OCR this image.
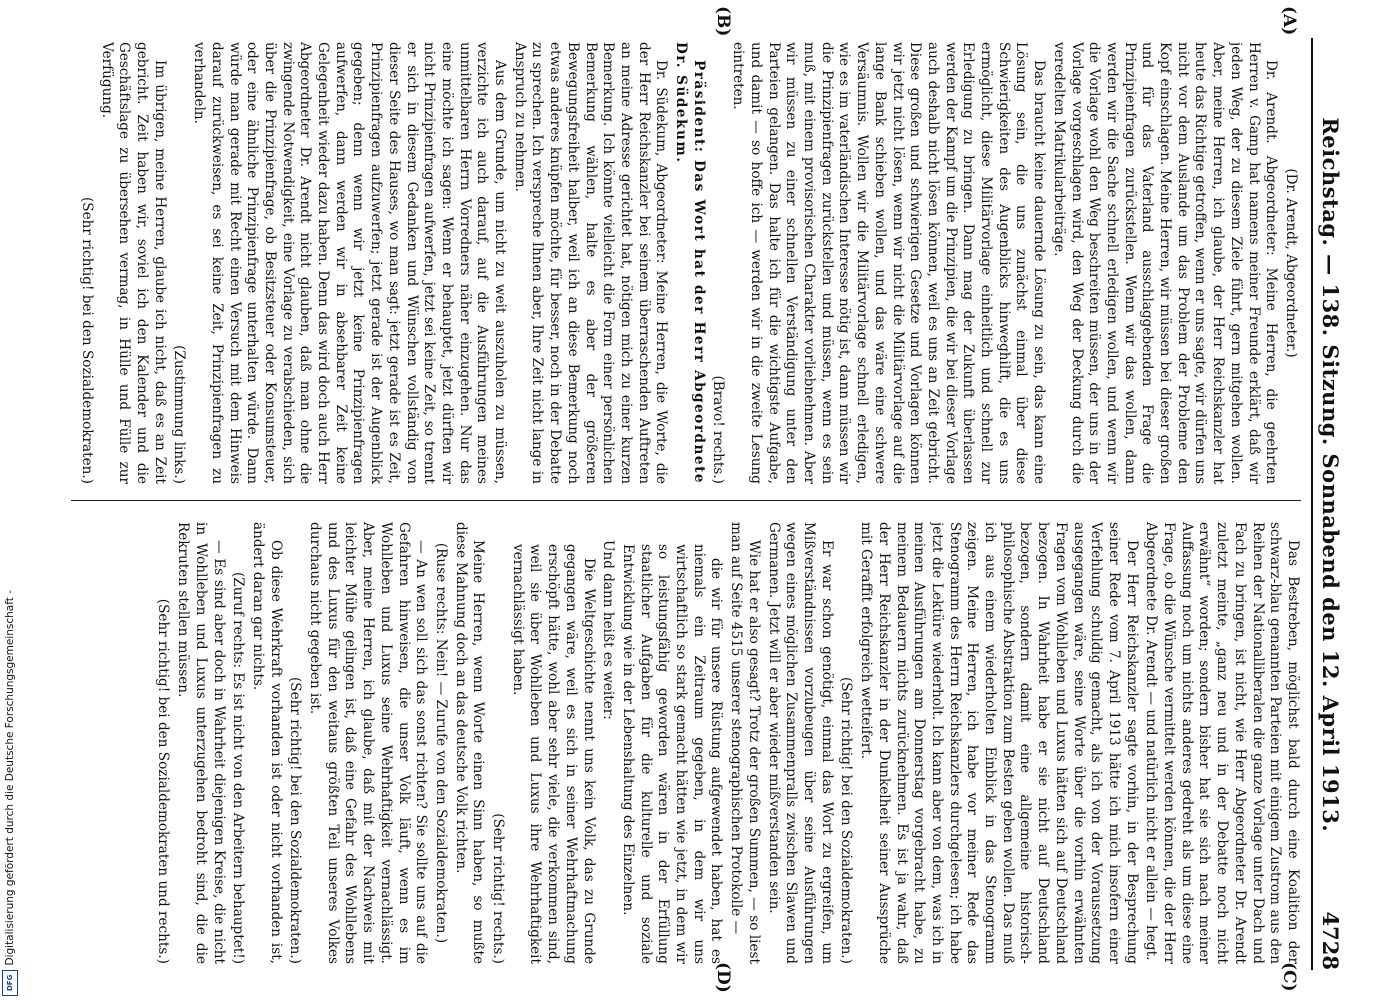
Reichstag. — 138. Sitzung. Sonnabend den 12. April 1913.
4728
(A)
(B)
(C)
(D)

(Dr. Arendt, Abgeordneter.)

Dr. Arendt. Abgeordneter: Meine Herren, die geehrten Herren v. Gamp hat namens meiner Freunde erklärt, daß wir jeden Weg, der zu diesem Ziele führt, gern mitgehen wollen. Aber, meine Herren, ich glaube, der Herr Reichskanzler hat heute das Richtige getroffen, wenn er uns sagte, wir dürfen uns nicht vor dem Auslande um das Problem der Probleme den Kopf einschlagen. Meine Herren, wir müssen bei dieser großen und für das Vaterland ausschlaggebenden Frage die Prinzipienfragen zurückstellen. Wenn wir das wollen, dann werden wir die Sache schnell erledigen wollen, und wenn wir die Vorlage wohl den Weg beschreiten müssen, der uns in der Vorlage vorgeschlagen wird, den Weg der Deckung durch die veredelten Matrikularbeiträge.

Das braucht keine dauernde Lösung zu sein, das kann eine Lösung sein, die uns zunächst einmal über diese Schwierigkeiten des Augenblicks hinweghilft, die es uns ermöglicht, diese Militärvorlage einheitlich und schnell zur Erledigung zu bringen. Dann mag der Zukunft überlassen werden der Kampf um die Prinzipien, die wir bei dieser Vorlage auch deshalb nicht lösen können, weil es uns an Zeit gebricht. Diese großen und schwierigen Gesetze und Vorlagen können wir jetzt nicht lösen, wenn wir nicht die Militärvorlage auf die lange Bank schieben wollen, und das wäre eine schwere Versäumnis. Wollen wir die Militärvorlage schnell erledigen, wie es im vaterländischen Interesse nötig ist, dann müssen wir die Prinzipienfragen zurückstellen und müssen, wenn es sein muß, mit einem provisorischen Charakter vorliebnehmen. Aber wir müssen zu einer schnellen Verständigung unter den Parteien gelangen. Das halte ich für die wichtigste Aufgabe, und damit — so hoffe ich — werden wir in die zweite Lesung eintreten.

(Bravo! rechts.)

Präsident: Das Wort hat der Herr Abgeordnete Dr. Südekum.

Dr. Südekum, Abgeordneter: Meine Herren, die Worte, die der Herr Reichskanzler bei seinem überraschenden Auftreten an meine Adresse gerichtet hat, nötigen mich zu einer kurzen Bemerkung. Ich könnte vielleicht die Form einer persönlichen Bemerkung wählen, halte es aber der größeren Bewegungsfreiheit halber, weil ich an diese Bemerkung noch etwas anderes knüpfen möchte, für besser, noch in der Debatte zu sprechen. Ich verspreche Ihnen aber, Ihre Zeit nicht lange in Anspruch zu nehmen.

Aus dem Grunde, um nicht zu weit auszuholen zu müssen, verzichte ich auch darauf, auf die Ausführungen meines unmittelbaren Herrn Vorredners näher einzugehen. Nur das eine möchte ich sagen: Wenn er behauptet, jetzt dürften wir nicht Prinzipienfragen aufwerfen, jetzt sei keine Zeit, so trennt er sich in diesem Gedanken und Wünschen vollständig von dieser Seite des Hauses, wo man sagt: jetzt gerade ist es Zeit, Prinzipienfragen aufzuwerfen; jetzt gerade ist der Augenblick gegeben; denn wenn wir jetzt keine Prinzipienfragen aufwerfen, dann werden wir in absehbarer Zeit keine Gelegenheit wieder dazu haben. Denn das wird doch auch Herr Abgeordneter Dr. Arendt nicht glauben, daß man ohne die zwingende Notwendigkeit, eine Vorlage zu verabschieden, sich über die Prinzipienfrage, ob Besitzsteuer oder Konsumsteuer, oder eine ähnliche Prinzipienfrage unterhalten würde. Dann würde man gerade mit Recht einen Versuch mit dem Hinweis darauf zurückweisen, es sei keine Zeit, Prinzipienfragen zu verhandeln.

(Zustimmung links.)

Im übrigen, meine Herren, glaube ich nicht, daß es an Zeit gebricht. Zeit haben wir, soviel ich den Kalender und die Geschäftslage zu übersehen vermag, in Hülle und Fülle zur Verfügung.

(Sehr richtig! bei den Sozialdemokraten.)

Das Bestreben, möglichst bald durch eine Koalition der schwarz-blau genannten Parteien mit einigem Zustrom aus den Reihen der Nationalliberalen die ganze Vorlage unter Dach und Fach zu bringen, ist nicht, wie Herr Abgeordneter Dr. Arendt zuletzt meinte, „ganz neu und in der Debatte noch nicht erwähnt“ worden; sondern bisher hat sie sich nach meiner Auffassung noch um nichts anderes gedreht als um diese eine Frage, ob die Wünsche vermittelt werden können, die der Herr Abgeordnete Dr. Arendt — und natürlich nicht er allein — hegt.

Der Herr Reichskanzler sagte vorhin, in der Besprechung seiner Rede vom 7. April 1913 hätte ich mich insofern einer Verfehlung schuldig gemacht, als ich von der Voraussetzung ausgegangen wäre, seine Worte über die vorhin erwähnten Fragen vom Wohlleben und Luxus hätten sich auf Deutschland bezogen. In Wahrheit habe er sie nicht auf Deutschland bezogen, sondern damit eine allgemeine historisch-philosophische Abstraktion zum Besten geben wollen. Das muß ich aus einem wiederholten Einblick in das Stenogramm zeigen. Meine Herren, ich habe vor meiner Rede das Stenogramm des Herrn Reichskanzlers durchgelesen; ich habe jetzt die Lektüre wiederholt. Ich kann aber von dem, was ich in meinen Ausführungen am Donnerstag vorgebracht habe, zu meinem Bedauern nichts zurücknehmen. Es ist ja wahr, daß der Herr Reichskanzler in der Dunkelheit seiner Aussprüche mit Geraffit erfolgreich wetteifert.

(Sehr richtig! bei den Sozialdemokraten.)

Er war schon genötigt, einmal das Wort zu ergreifen, um Mißverständnissen vorzubeugen über seine Ausführungen wegen eines möglichen Zusammenpralls zwischen Slawen und Germanen. Jetzt will er aber wieder mißverstanden sein.

Wie hat er also gesagt? Trotz der großen Summen, — so liest man auf Seite 4515 unserer stenographischen Protokolle —

die wir für unsere Rüstung aufgewendet haben, hat es niemals ein Zeitraum gegeben, in dem wir uns wirtschaftlich so stark gemacht hätten wie jetzt, in dem wir so leistungsfähig geworden wären in der Erfüllung staatlicher Aufgaben für die kulturelle und soziale Entwicklung wie in der Lebenshaltung des Einzelnen.

Und dann heißt es weiter:

Die Weltgeschichte nennt uns kein Volk, das zu Grunde gegangen wäre, weil es sich in seiner Wehrhaftmachung erschöpft hätte, wohl aber sehr viele, die verkommen sind, weil sie über Wohlleben und Luxus ihre Wehrhaftigkeit vernachlässigt haben.

(Sehr richtig! rechts.)

Meine Herren, wenn Worte einen Sinn haben, so mußte diese Mahnung doch an das deutsche Volk richten.

(Ruse rechts: Nein! — Zurufe von den Sozialdemokraten.)

— An wen soll sich das sonst richten? Sie sollte uns auf die Gefahren hinweisen, die unser Volk läuft, wenn es im Wohlleben und Luxus seine Wehrhaftigkeit vernachlässigt. Aber, meine Herren, ich glaube, daß mit der Nachweis mit leichter Mühe gelingen ist, daß eine Gefahr des Wohllebens und des Luxus für den weitaus größten Teil unseres Volkes durchaus nicht gegeben ist.

(Sehr richtig! bei den Sozialdemokraten.)

Ob diese Wehrkraft vorhanden ist oder nicht vorhanden ist, ändert daran gar nichts.

(Zuruf rechts: Es ist nicht von den Arbeitern behauptet!)

— Es sind aber doch in Wahrheit diejenigen Kreise, die nicht in Wohlleben und Luxus unterzugehen bedroht sind, die die Rekruten stellen müssen.

(Sehr richtig! bei den Sozialdemokraten und rechts.)

Digitalisierung gefördert durch die Deutsche Forschungsgemeinschaft -
DFG
